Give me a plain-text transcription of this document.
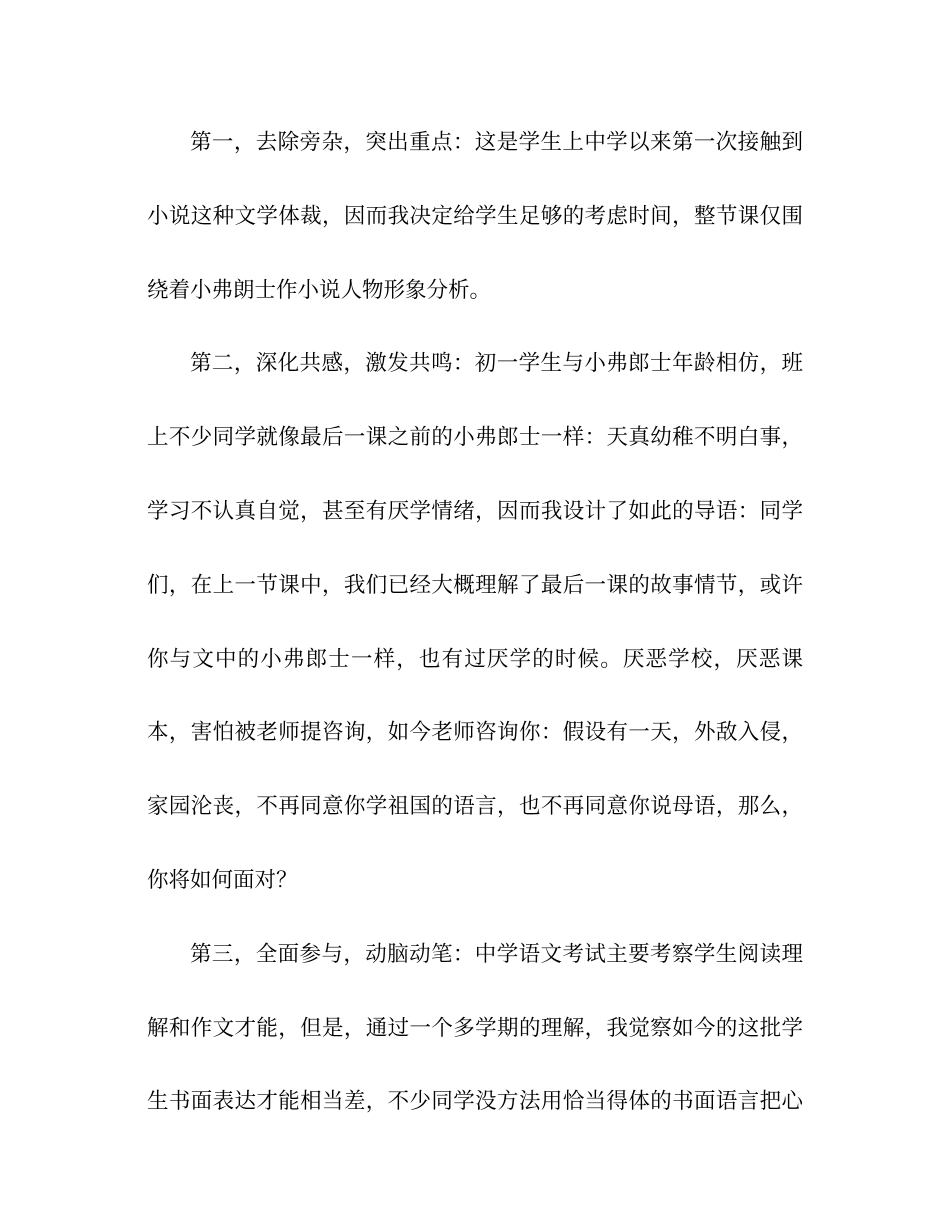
第一，去除旁杂，突出重点：这是学生上中学以来第一次接触到
小说这种文学体裁，因而我决定给学生足够的考虑时间，整节课仅围
绕着小弗朗士作小说人物形象分析。
第二，深化共感，激发共鸣：初一学生与小弗郎士年龄相仿，班
上不少同学就像最后一课之前的小弗郎士一样：天真幼稚不明白事，
学习不认真自觉，甚至有厌学情绪，因而我设计了如此的导语：同学
们，在上一节课中，我们已经大概理解了最后一课的故事情节，或许
你与文中的小弗郎士一样，也有过厌学的时候。厌恶学校，厌恶课
本，害怕被老师提咨询，如今老师咨询你：假设有一天，外敌入侵，
家园沦丧，不再同意你学祖国的语言，也不再同意你说母语，那么，
你将如何面对？
第三，全面参与，动脑动笔：中学语文考试主要考察学生阅读理
解和作文才能，但是，通过一个多学期的理解，我觉察如今的这批学
生书面表达才能相当差，不少同学没方法用恰当得体的书面语言把心
